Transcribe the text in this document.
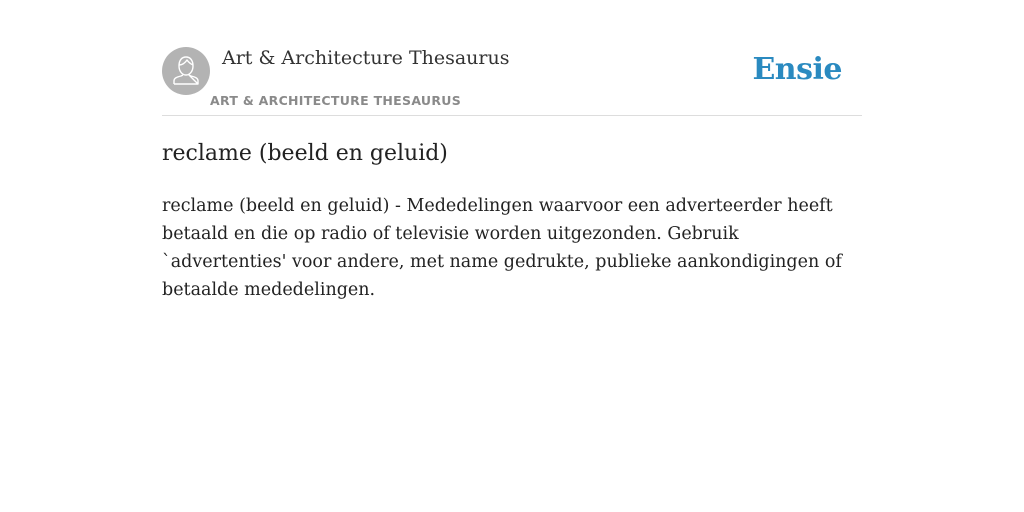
Art & Architecture Thesaurus
ART & ARCHITECTURE THESAURUS
Ensie
reclame (beeld en geluid)

reclame (beeld en geluid) - Mededelingen waarvoor een adverteerder heeft betaald en die op radio of televisie worden uitgezonden. Gebruik `advertenties' voor andere, met name gedrukte, publieke aankondigingen of betaalde mededelingen.
